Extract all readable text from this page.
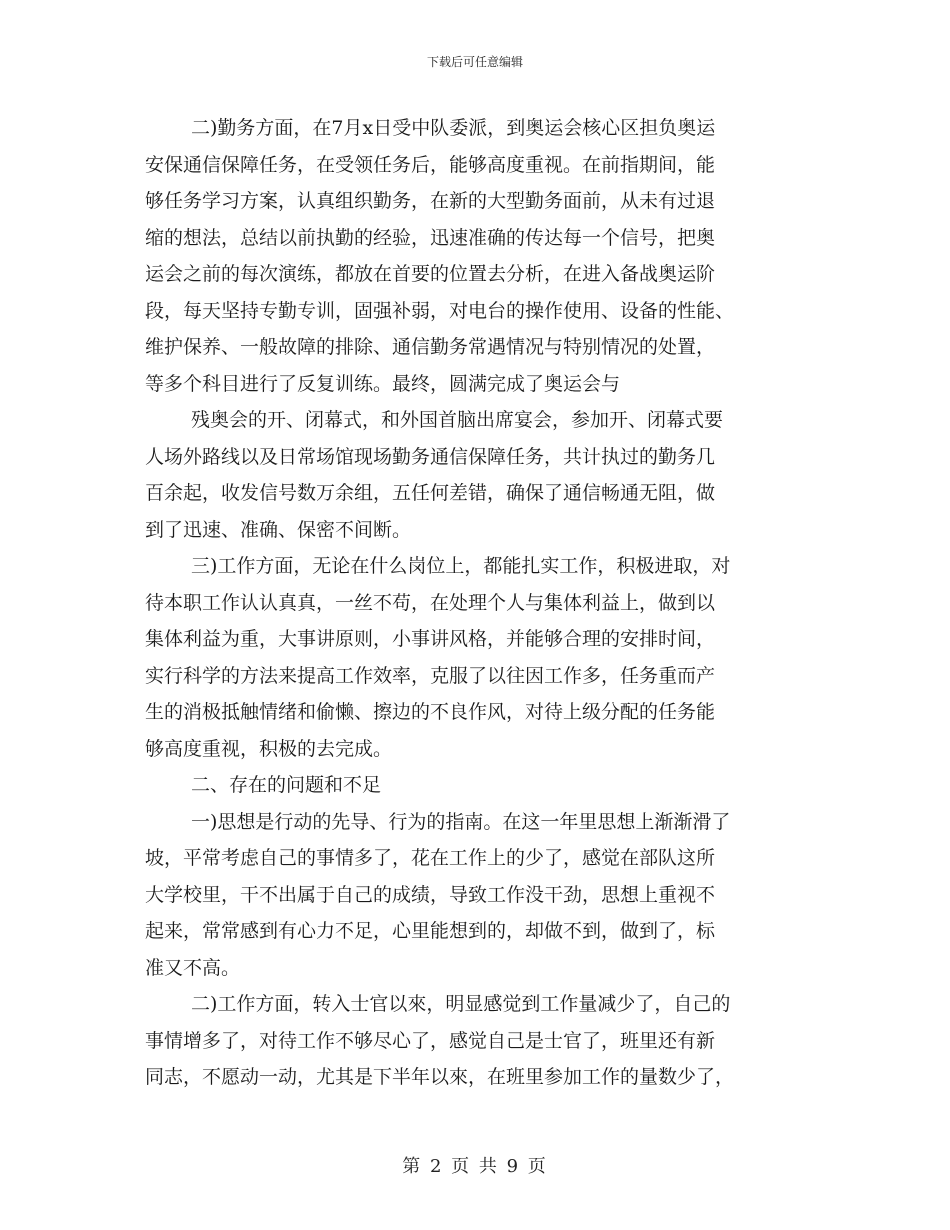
下载后可任意编辑
二)勤务方面，在7月x日受中队委派，到奥运会核心区担负奥运
安保通信保障任务，在受领任务后，能够高度重视。在前指期间，能
够任务学习方案，认真组织勤务，在新的大型勤务面前，从未有过退
缩的想法，总结以前执勤的经验，迅速准确的传达每一个信号，把奥
运会之前的每次演练，都放在首要的位置去分析，在进入备战奥运阶
段，每天坚持专勤专训，固强补弱，对电台的操作使用、设备的性能、
维护保养、一般故障的排除、通信勤务常遇情况与特别情况的处置，
等多个科目进行了反复训练。最终，圆满完成了奥运会与
残奥会的开、闭幕式，和外国首脑出席宴会，参加开、闭幕式要
人场外路线以及日常场馆现场勤务通信保障任务，共计执过的勤务几
百余起，收发信号数万余组，五任何差错，确保了通信畅通无阻，做
到了迅速、准确、保密不间断。
三)工作方面，无论在什么岗位上，都能扎实工作，积极进取，对
待本职工作认认真真，一丝不苟，在处理个人与集体利益上，做到以
集体利益为重，大事讲原则，小事讲风格，并能够合理的安排时间，
实行科学的方法来提高工作效率，克服了以往因工作多，任务重而产
生的消极抵触情绪和偷懒、擦边的不良作风，对待上级分配的任务能
够高度重视，积极的去完成。
二、存在的问题和不足
一)思想是行动的先导、行为的指南。在这一年里思想上渐渐滑了
坡，平常考虑自己的事情多了，花在工作上的少了，感觉在部队这所
大学校里，干不出属于自己的成绩，导致工作没干劲，思想上重视不
起来，常常感到有心力不足，心里能想到的，却做不到，做到了，标
准又不高。
二)工作方面，转入士官以來，明显感觉到工作量减少了，自己的
事情增多了，对待工作不够尽心了，感觉自己是士官了，班里还有新
同志，不愿动一动，尤其是下半年以來，在班里参加工作的量数少了，
第 2 页 共 9 页
